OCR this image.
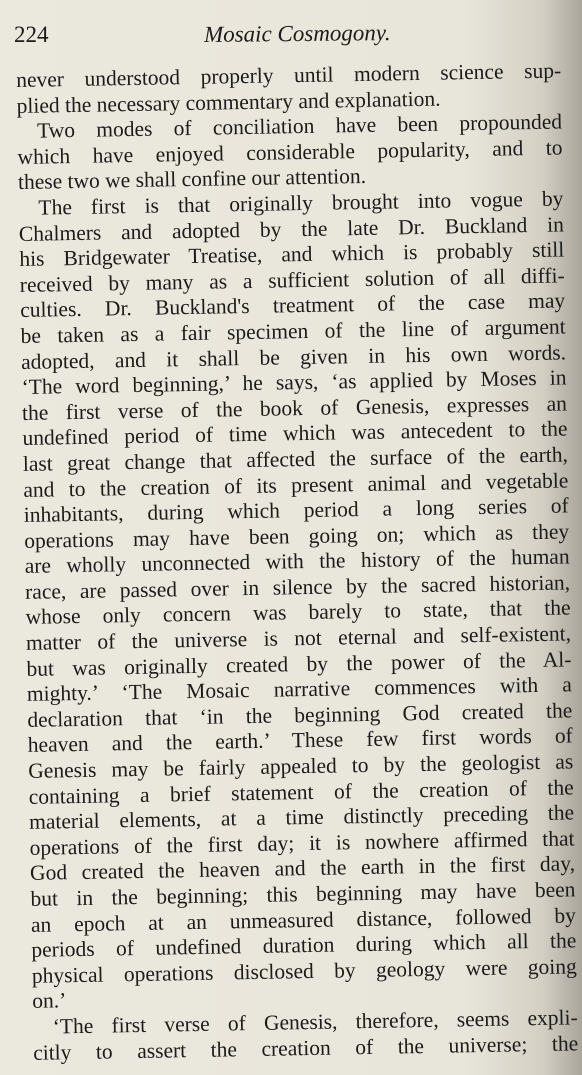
224	Mosaic Cosmogony.
never understood properly until modern science sup-
plied the necessary commentary and explanation.
Two modes of conciliation have been propounded
which have enjoyed considerable popularity, and to
these two we shall confine our attention.
The first is that originally brought into vogue by
Chalmers and adopted by the late Dr. Buckland in
his Bridgewater Treatise, and which is probably still
received by many as a sufficient solution of all diffi-
culties. Dr. Buckland's treatment of the case may
be taken as a fair specimen of the line of argument
adopted, and it shall be given in his own words.
‘The word beginning,’ he says, ‘as applied by Moses in
the first verse of the book of Genesis, expresses an
undefined period of time which was antecedent to the
last great change that affected the surface of the earth,
and to the creation of its present animal and vegetable
inhabitants, during which period a long series of
operations may have been going on; which as they
are wholly unconnected with the history of the human
race, are passed over in silence by the sacred historian,
whose only concern was barely to state, that the
matter of the universe is not eternal and self-existent,
but was originally created by the power of the Al-
mighty.’ ‘The Mosaic narrative commences with a
declaration that ‘in the beginning God created the
heaven and the earth.’ These few first words of
Genesis may be fairly appealed to by the geologist as
containing a brief statement of the creation of the
material elements, at a time distinctly preceding the
operations of the first day; it is nowhere affirmed that
God created the heaven and the earth in the first day,
but in the beginning; this beginning may have been
an epoch at an unmeasured distance, followed by
periods of undefined duration during which all the
physical operations disclosed by geology were going
on.’
‘The first verse of Genesis, therefore, seems expli-
citly to assert the creation of the universe; the
